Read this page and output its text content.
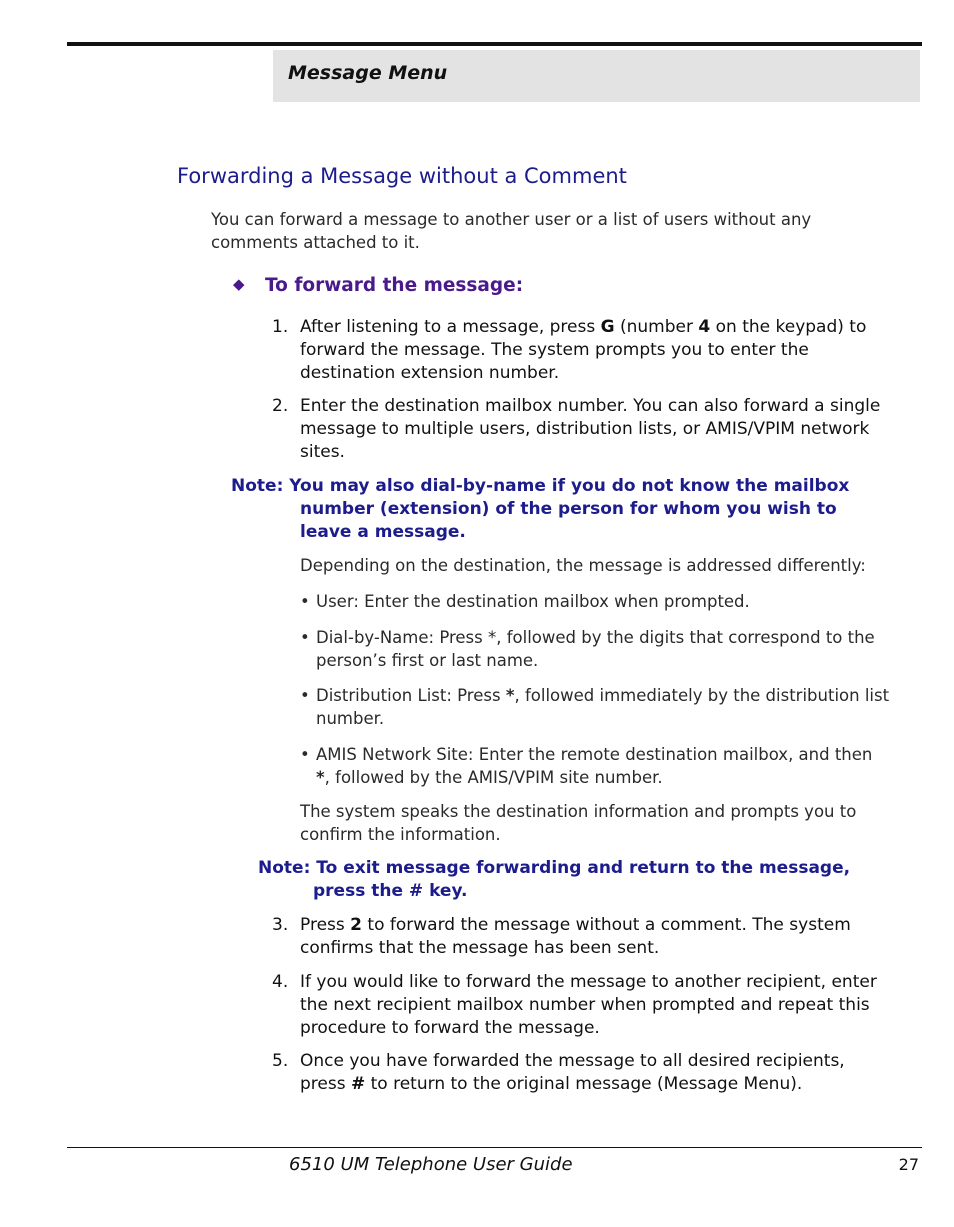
Message Menu
Forwarding a Message without a Comment
You can forward a message to another user or a list of users without any comments attached to it.
◆ To forward the message:
1. After listening to a message, press G (number 4 on the keypad) to forward the message. The system prompts you to enter the destination extension number.
2. Enter the destination mailbox number. You can also forward a single message to multiple users, distribution lists, or AMIS/VPIM network sites.
Note: You may also dial-by-name if you do not know the mailbox
number (extension) of the person for whom you wish to leave a message.
Depending on the destination, the message is addressed differently:
• User: Enter the destination mailbox when prompted.
• Dial-by-Name: Press *, followed by the digits that correspond to the person’s first or last name.
• Distribution List: Press *, followed immediately by the distribution list number.
• AMIS Network Site: Enter the remote destination mailbox, and then *, followed by the AMIS/VPIM site number.
The system speaks the destination information and prompts you to confirm the information.
Note: To exit message forwarding and return to the message,
press the # key.
3. Press 2 to forward the message without a comment. The system confirms that the message has been sent.
4. If you would like to forward the message to another recipient, enter the next recipient mailbox number when prompted and repeat this procedure to forward the message.
5. Once you have forwarded the message to all desired recipients, press # to return to the original message (Message Menu).
6510 UM Telephone User Guide	27
